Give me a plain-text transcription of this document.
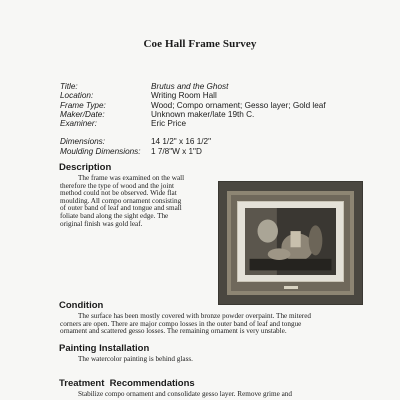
Coe Hall Frame Survey
Title:	Brutus and the Ghost
Location:	Writing Room Hall
Frame Type:	Wood; Compo ornament; Gesso layer; Gold leaf
Maker/Date:	Unknown maker/late 19th C.
Examiner:	Eric Price
Dimensions:	14 1/2" x 16 1/2"
Moulding Dimensions:	1 7/8"W x 1"D
Description
The frame was examined on the wall
therefore the type of wood and the joint
method could not be observed. Wide flat
moulding. All compo ornament consisting
of outer band of leaf and tongue and small
foliate band along the sight edge. The
original finish was gold leaf.
Condition
The surface has been mostly covered with bronze powder overpaint. The mitered
corners are open. There are major compo losses in the outer band of leaf and tongue
ornament and scattered gesso losses. The remaining ornament is very unstable.
Painting Installation
The watercolor painting is behind glass.
Treatment  Recommendations
Stabilize compo ornament and consolidate gesso layer. Remove grime and
